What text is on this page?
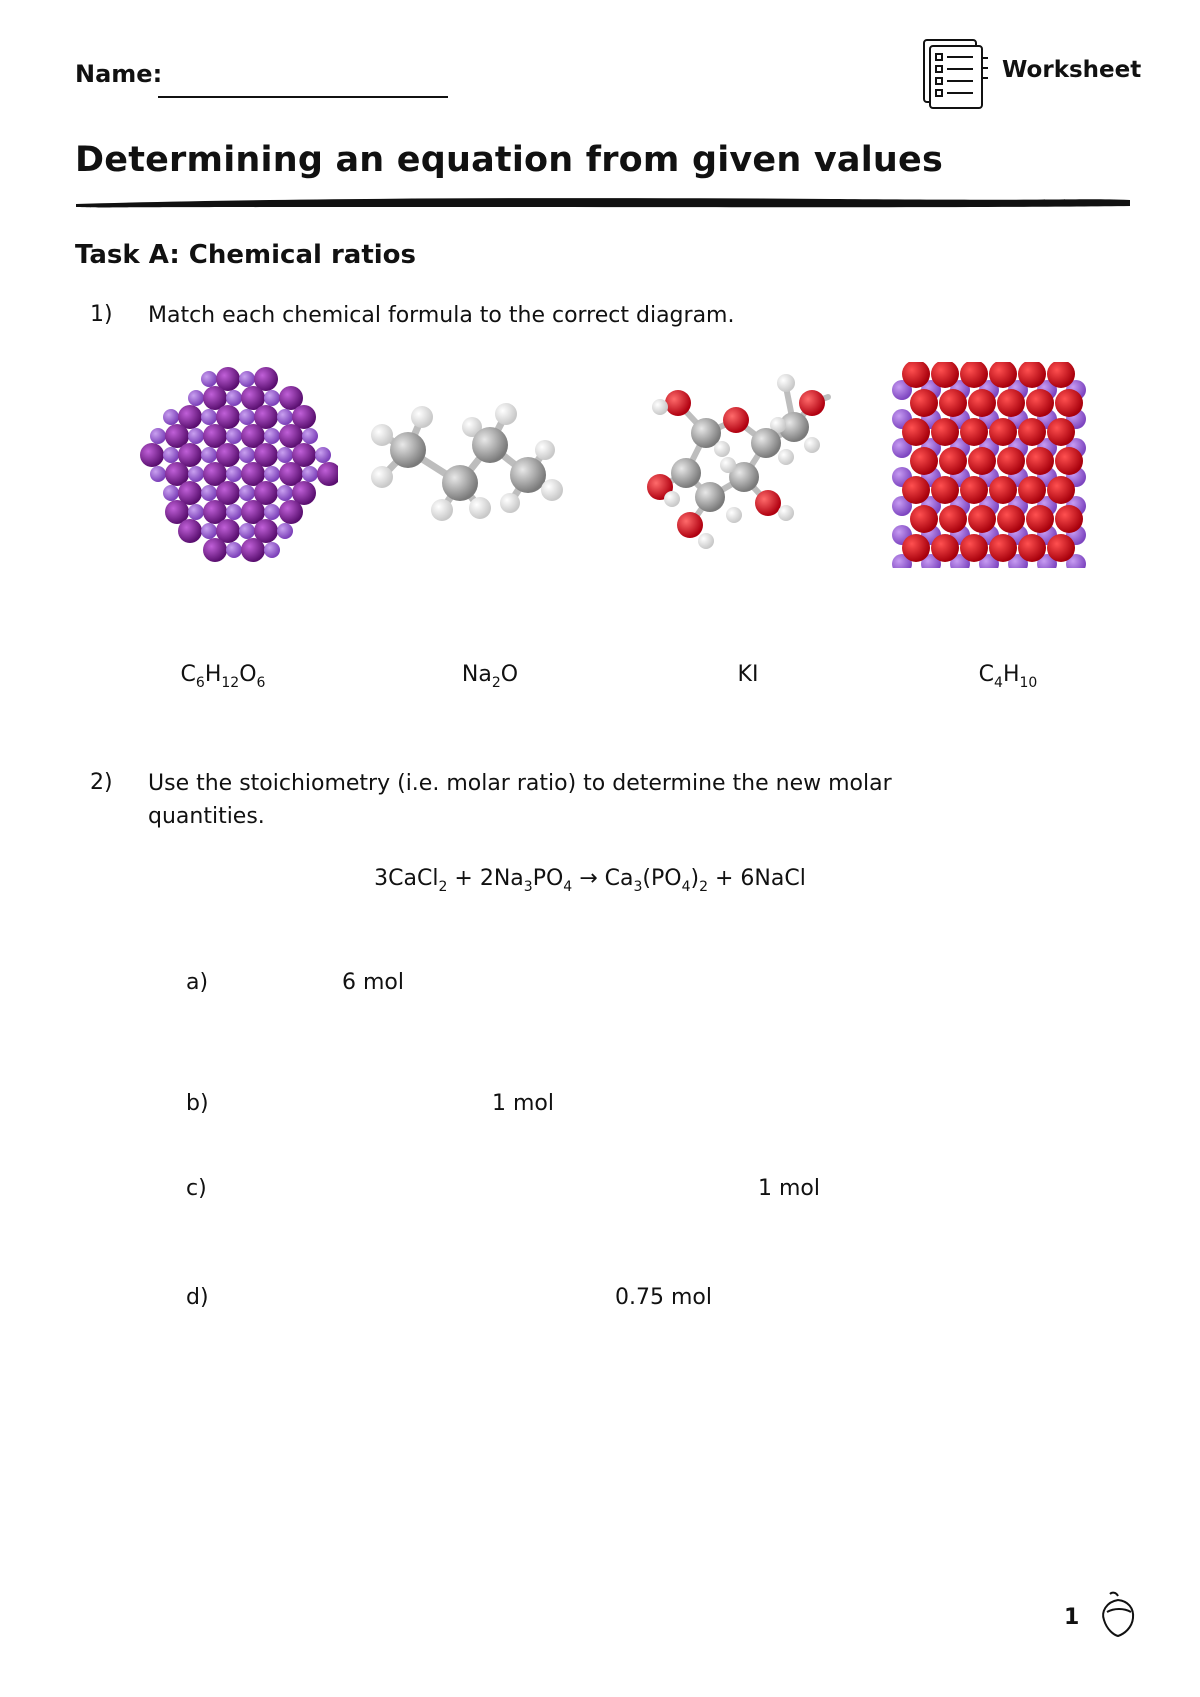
Name:	Worksheet
Determining an equation from given values
Task A: Chemical ratios
1) Match each chemical formula to the correct diagram.
$C_6H_{12}O_6$	$Na_2O$	KI	$C_4H_{10}$
2) Use the stoichiometry (i.e. molar ratio) to determine the new molar quantities.
3CaCl$_2$ + $2Na_3PO_4 \to Ca_3(PO_4)_2$ + 6NaCl
a)	6 mol
b)	1 mol
c)	1 mol
d)	0.75 mol
1
